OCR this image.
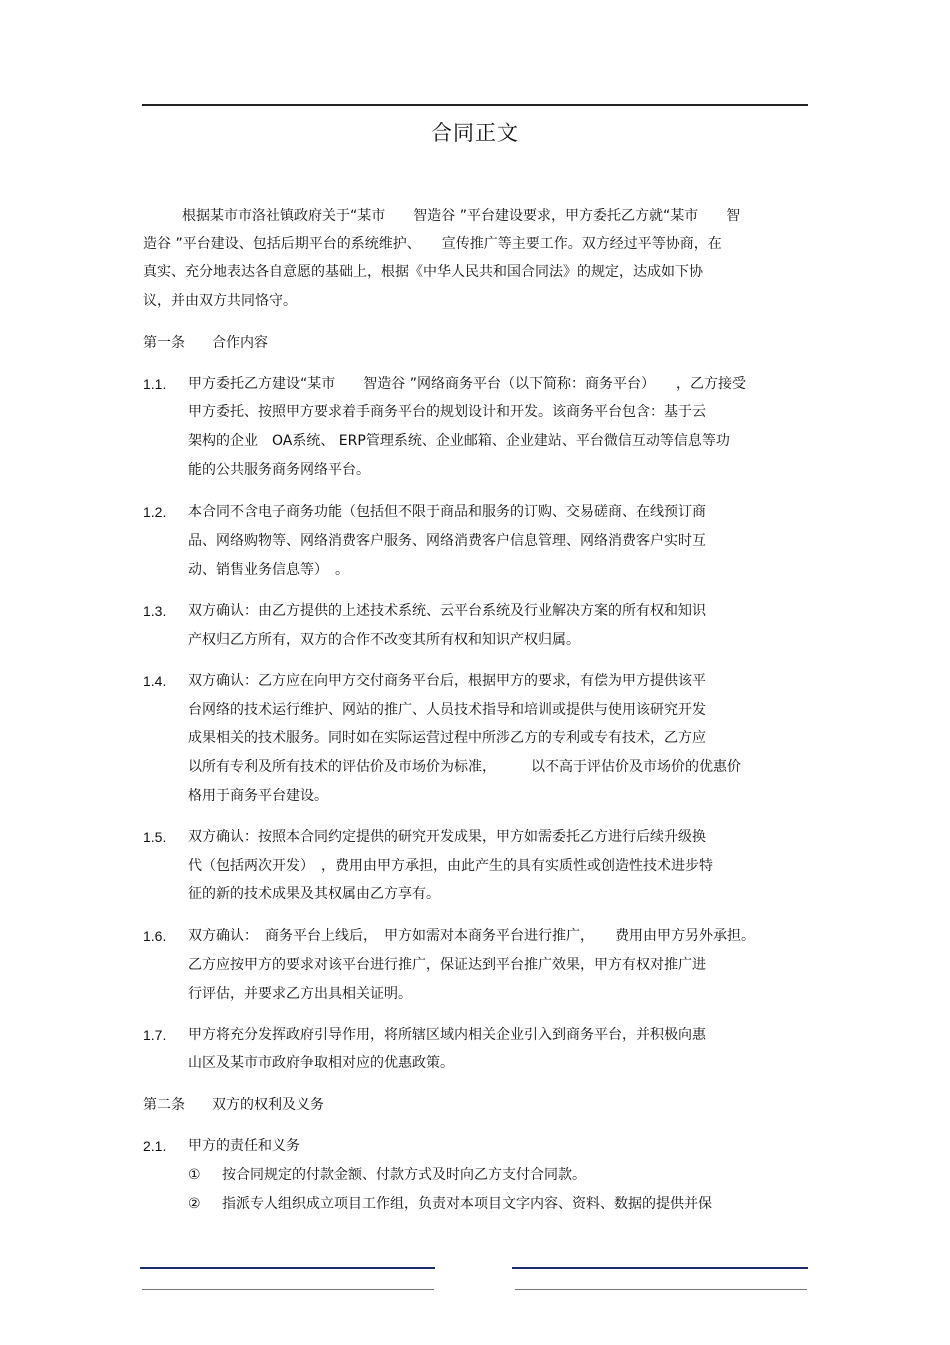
合同正文
根据某市市洛社镇政府关于“某市　　智造谷 ”平台建设要求，甲方委托乙方就“某市　　智
造谷 ”平台建设、包括后期平台的系统维护、　　宣传推广等主要工作。双方经过平等协商，在
真实、充分地表达各自意愿的基础上，根据《中华人民共和国合同法》的规定，达成如下协
议，并由双方共同恪守。
第一条 合作内容
1.1. 甲方委托乙方建设“某市　　智造谷 ”网络商务平台（以下简称：商务平台）　　，乙方接受
甲方委托、按照甲方要求着手商务平台的规划设计和开发。该商务平台包含：基于云
架构的企业　OA系统、 ERP管理系统、企业邮箱、企业建站、平台微信互动等信息等功
能的公共服务商务网络平台。
1.2. 本合同不含电子商务功能（包括但不限于商品和服务的订购、交易磋商、在线预订商
品、网络购物等、网络消费客户服务、网络消费客户信息管理、网络消费客户实时互
动、销售业务信息等）　。
1.3. 双方确认：由乙方提供的上述技术系统、云平台系统及行业解决方案的所有权和知识
产权归乙方所有，双方的合作不改变其所有权和知识产权归属。
1.4. 双方确认：乙方应在向甲方交付商务平台后，根据甲方的要求，有偿为甲方提供该平
台网络的技术运行维护、网站的推广、人员技术指导和培训或提供与使用该研究开发
成果相关的技术服务。同时如在实际运营过程中所涉乙方的专利或专有技术，乙方应
以所有专利及所有技术的评估价及市场价为标准，　　　以不高于评估价及市场价的优惠价
格用于商务平台建设。
1.5. 双方确认：按照本合同约定提供的研究开发成果，甲方如需委托乙方进行后续升级换
代（包括两次开发）　，费用由甲方承担，由此产生的具有实质性或创造性技术进步特
征的新的技术成果及其权属由乙方享有。
1.6. 双方确认：　商务平台上线后，　甲方如需对本商务平台进行推广，　　费用由甲方另外承担。
乙方应按甲方的要求对该平台进行推广，保证达到平台推广效果，甲方有权对推广进
行评估，并要求乙方出具相关证明。
1.7. 甲方将充分发挥政府引导作用，将所辖区域内相关企业引入到商务平台，并积极向惠
山区及某市市政府争取相对应的优惠政策。
第二条 双方的权利及义务
2.1. 甲方的责任和义务
① 按合同规定的付款金额、付款方式及时向乙方支付合同款。
② 指派专人组织成立项目工作组，负责对本项目文字内容、资料、数据的提供并保
